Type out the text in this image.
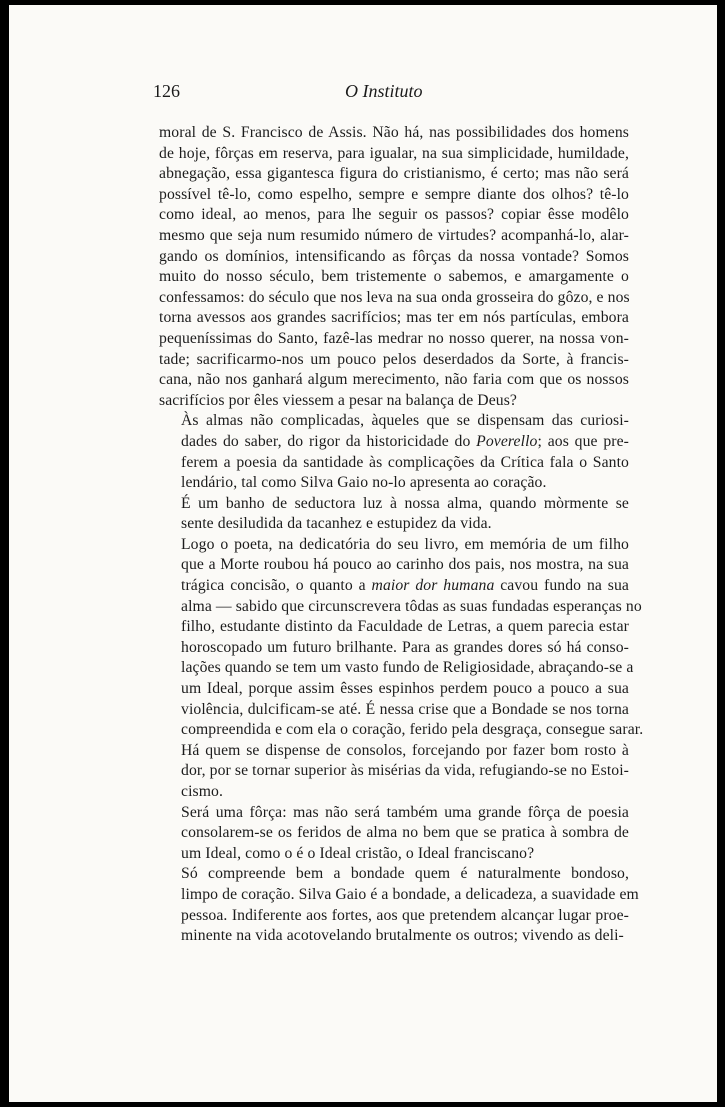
126	O Instituto

moral de S. Francisco de Assis. Não há, nas possibilidades dos homens
de hoje, fôrças em reserva, para igualar, na sua simplicidade, humildade,
abnegação, essa gigantesca figura do cristianismo, é certo; mas não será
possível tê-lo, como espelho, sempre e sempre diante dos olhos? tê-lo
como ideal, ao menos, para lhe seguir os passos? copiar êsse modêlo
mesmo que seja num resumido número de virtudes? acompanhá-lo, alar-
gando os domínios, intensificando as fôrças da nossa vontade? Somos
muito do nosso século, bem tristemente o sabemos, e amargamente o
confessamos: do século que nos leva na sua onda grosseira do gôzo, e nos
torna avessos aos grandes sacrifícios; mas ter em nós partículas, embora
pequeníssimas do Santo, fazê-las medrar no nosso querer, na nossa von-
tade; sacrificarmo-nos um pouco pelos deserdados da Sorte, à francis-
cana, não nos ganhará algum merecimento, não faria com que os nossos
sacrifícios por êles viessem a pesar na balança de Deus?

Às almas não complicadas, àqueles que se dispensam das curiosi-
dades do saber, do rigor da historicidade do Poverello; aos que pre-
ferem a poesia da santidade às complicações da Crítica fala o Santo
lendário, tal como Silva Gaio no-lo apresenta ao coração.

É um banho de seductora luz à nossa alma, quando mòrmente se
sente desiludida da tacanhez e estupidez da vida.

Logo o poeta, na dedicatória do seu livro, em memória de um filho
que a Morte roubou há pouco ao carinho dos pais, nos mostra, na sua
trágica concisão, o quanto a maior dor humana cavou fundo na sua
alma — sabido que circunscrevera tôdas as suas fundadas esperanças no
filho, estudante distinto da Faculdade de Letras, a quem parecia estar
horoscopado um futuro brilhante. Para as grandes dores só há conso-
lações quando se tem um vasto fundo de Religiosidade, abraçando-se a
um Ideal, porque assim êsses espinhos perdem pouco a pouco a sua
violência, dulcificam-se até. É nessa crise que a Bondade se nos torna
compreendida e com ela o coração, ferido pela desgraça, consegue sarar.
Há quem se dispense de consolos, forcejando por fazer bom rosto à
dor, por se tornar superior às misérias da vida, refugiando-se no Estoi-
cismo.

Será uma fôrça: mas não será também uma grande fôrça de poesia
consolarem-se os feridos de alma no bem que se pratica à sombra de
um Ideal, como o é o Ideal cristão, o Ideal franciscano?

Só compreende bem a bondade quem é naturalmente bondoso,
limpo de coração. Silva Gaio é a bondade, a delicadeza, a suavidade em
pessoa. Indiferente aos fortes, aos que pretendem alcançar lugar proe-
minente na vida acotovelando brutalmente os outros; vivendo as deli-
